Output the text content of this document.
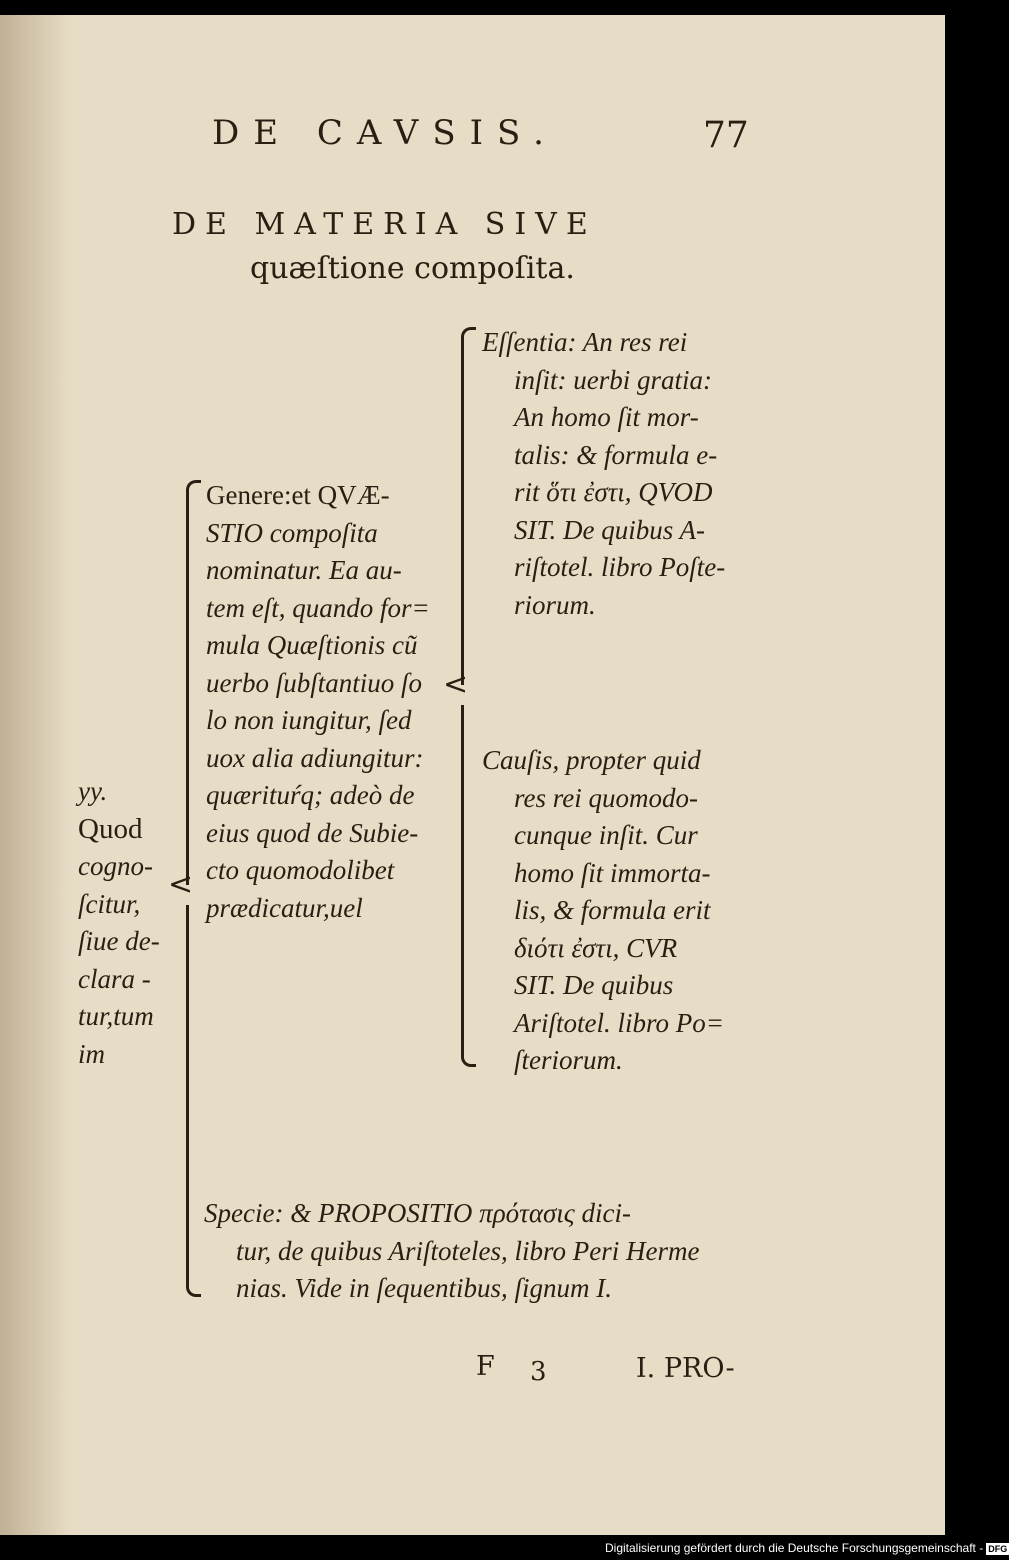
DE CAVSIS.	77
DE MATERIA SIVE
quæſtione compoſita.
yy.
Quod
cogno-
ſcitur,
ſiue de-
clara -
tur,tum
im
<
Genere:et QVÆ-
STIO compoſita
nominatur. Ea au-
tem eſt, quando for=
mula Quæſtionis cũ
uerbo ſubſtantiuo ſo
lo non iungitur, ſed
uox alia adiungitur:
quærituŕq; adeò de
eius quod de Subie-
cto quomodolibet
prædicatur,uel
<
Eſſentia: An res rei
inſit: uerbi gratia:
An homo ſit mor-
talis: & formula e-
rit ὅτι ἐστι, QVOD
SIT. De quibus A-
riſtotel. libro Poſte-
riorum.
Cauſis, propter quid
res rei quomodo-
cunque inſit. Cur
homo ſit immorta-
lis, & formula erit
διότι ἐστι, CVR
SIT. De quibus
Ariſtotel. libro Po=
ſteriorum.
Specie: & PROPOSITIO πρότασις dici-
tur, de quibus Ariſtoteles, libro Peri Herme
nias. Vide in ſequentibus, ſignum I.
F 3	I. PRO-
Digitalisierung gefördert durch die Deutsche Forschungsgemeinschaft - DFG
